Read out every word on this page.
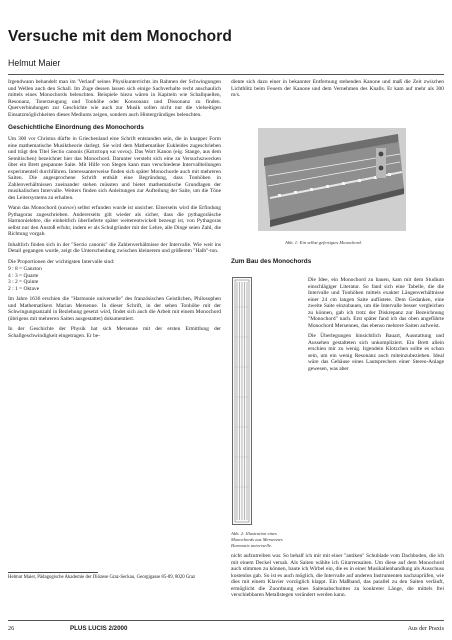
Versuche mit dem Monochord
Helmut Maier

Irgendwann behandelt man im 'Verlauf' seines Physikunterrichts im Rahmen der Schwingungen und Wellen auch den Schall. Im Zuge dessen lassen sich einige Sachverhalte recht anschaulich mittels eines Monochords beleuchten. Beispiele hiezu wären in Kapiteln wie Schallquellen, Resonanz, Tonerzeugung und Tonhöhe oder Konsonanz und Dissonanz zu finden. Querverbindungen zur Geschichte wie auch zur Musik sollen nicht nur die vielseitigen Einsatzmöglichkeiten dieses Mediums zeigen, sondern auch Hintergründiges beleuchten.

Geschichtliche Einordnung des Monochords

Um 300 vor Christus dürfte in Griechenland eine Schrift entstanden sein, die in knapper Form eine mathematische Musiktheorie darlegt. Sie wird dem Mathematiker Eukleides zugeschrieben und trägt den Titel Sectio canonis (Κατατομη κα νονος). Das Wort Kanon (eig. Stange, aus dem Semitischen) bezeichnet hier das Monochord. Darunter versteht sich eine zu Versuchszwecken über ein Brett gespannte Saite. Mit Hilfe von Stegen kann man verschiedene Intervallteilungen experimentell durchführen. Interessanterweise finden sich später Monochorde auch mit mehreren Saiten. Die angesprochene Schrift enthält eine Begründung, dass Tonhöhen in Zahlenverhältnissen zueinander stehen müssten und bietet mathematische Grundlagen der musikalischen Intervalle. Weiters finden sich Anleitungen zur Aufteilung der Saite, um die Töne des Leitersystems zu erhalten.

Wann das Monochord (κανων) selbst erfunden wurde ist unsicher. Einerseits wird die Erfindung Pythagoras zugeschrieben. Andererseits gilt wieder als sicher, dass die pythagoräische Harmonielehre, die einheitlich überlieferte später weiterentwickelt bezeugt ist, von Pythagoras selbst nur den Anstoß erfuhr, indem er als Schulgründer mit der Lehre, alle Dinge seien Zahl, die Richtung vorgab.

Inhaltlich finden sich in der "Sectio canonis" die Zahlenverhältnisse der Intervalle. Wie weit ins Detail gegangen wurde, zeigt die Unterscheidung zwischen kleinerem und größerem "Halb"-ton.

Die Proportionen der wichtigsten Intervalle sind:

9 : 8 = Ganzton
4 : 3 = Quarte
3 : 2 = Quinte
2 : 1 = Oktave

Im Jahre 1636 erschien die "Harmonie universelle" des französischen Geistlichen, Philosophen und Mathematikers Marian Mersenne. In dieser Schrift, in der sehen Tonhöhe mit der Schwingungsanzahl in Beziehung gesetzt wird, findet sich auch die Arbeit mit einem Monochord (übrigens mit mehreren Saiten ausgestattet) dokumentiert.

In der Geschichte der Physik hat sich Mersenne mit der ersten Ermittlung der Schallgeschwindigkeit eingetragen. Er be-

Helmut Maier, Pädagogische Akademie der Diözese Graz-Seckau, Georgigasse 85-89, 8020 Graz

diente sich dazu einer in bekannter Entfernung stehenden Kanone und maß die Zeit zwischen Lichtblitz beim Feuern der Kanone und dem Vernehmen des Knalls. Er kam auf mehr als 300 m/s.

Abb. 1: Ein selbst gefertigtes Monochord.
Zum Bau des Monochords
Abb. 2: Illustration eines Monochords aus Mersennes Harmonie universelle.

Die Idee, ein Monochord zu bauen, kam mit dem Studium einschlägiger Literatur. So fand sich eine Tabelle, die die Intervalle und Tonhöhen mittels exakter Längenverhältnisse einer 24 cm langen Saite auflistete. Dem Gedanken, eine zweite Saite einzubauen, um die Intervalle besser vergleichen zu können, gab ich trotz der Diskrepanz zur Bezeichnung "Monochord" nach. Erst später fand ich das oben angeführte Monochord Mersennes, das ebenso mehrere Saiten aufweist.

Die Überlegungen hinsichtlich Bauart, Ausstattung und Aussehen gestalteten sich unkompliziert. Ein Brett allein erschien mir zu wenig. Irgendein Klotzchen sollte es schon sein, um ein wenig Resonanz auch miteinzubeziehen. Ideal wäre das Gehäuse eines Lautsprechers einer Stereo-Anlage gewesen, was aber

nicht aufzutreiben war. So behalf ich mir mit einer "antiken" Schublade vom Dachboden, die ich mit einem Deckel versah. Als Saiten wählte ich Gitarrensaiten. Um diese auf dem Monochord auch stimmen zu können, baute ich Wirbel ein, die es in einer Musikalienhandlung als Ausschuss kostenlos gab. So ist es auch möglich, die Intervalle auf anderen Instrumenten nachzuprüfen, wie dies mit einem Klavier vorzüglich klappt. Ein Maßband, das parallel zu den Saiten verläuft, ermöglicht die Zuordnung eines Saitenabschnittes zu konkreter Länge, die mittels frei verschiebbaren Metallstegen verändert werden kann.

26	PLUS LUCIS 2/2000	Aus der Praxis
